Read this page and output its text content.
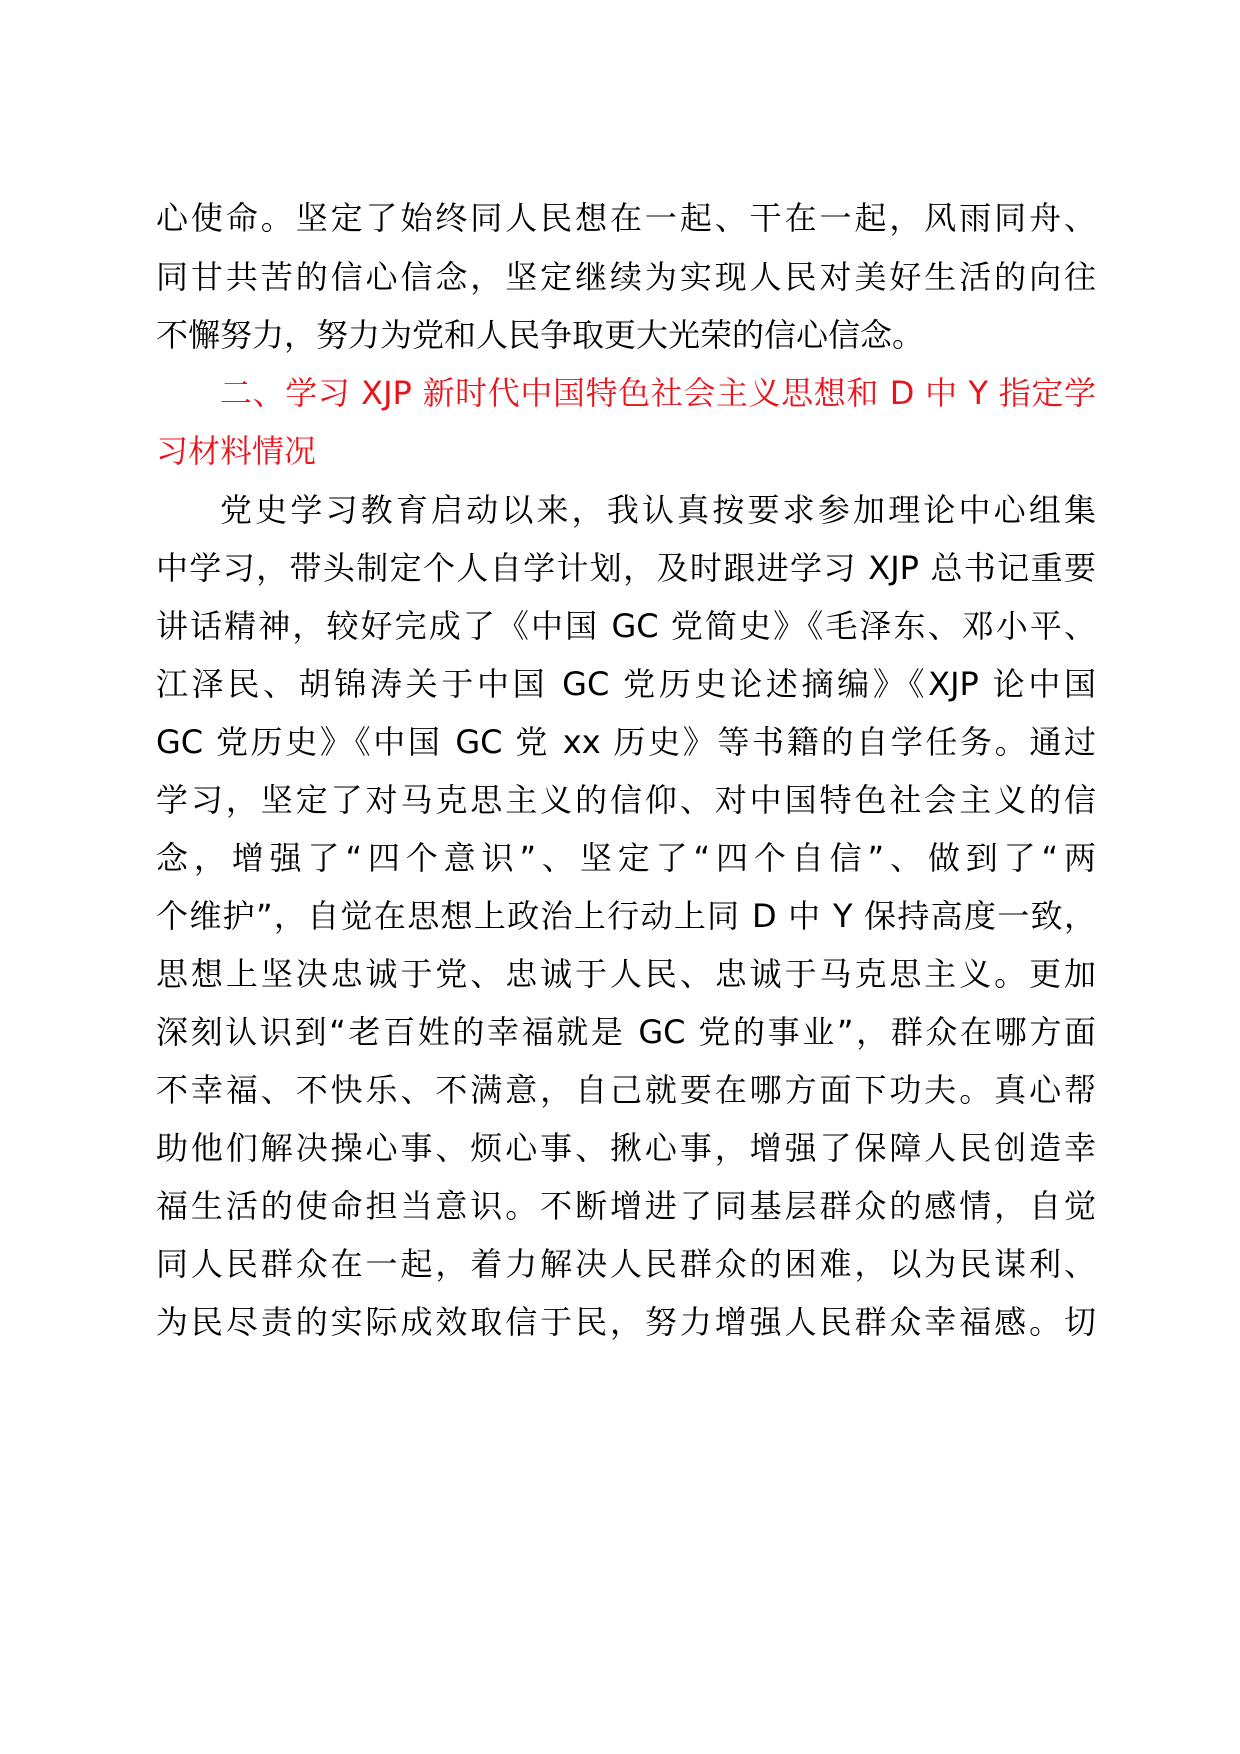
心使命。坚定了始终同人民想在一起、干在一起，风雨同舟、
同甘共苦的信心信念，坚定继续为实现人民对美好生活的向往
不懈努力，努力为党和人民争取更大光荣的信心信念。
二、学习 XJP 新时代中国特色社会主义思想和 D 中 Y 指定学
习材料情况
党史学习教育启动以来，我认真按要求参加理论中心组集
中学习，带头制定个人自学计划，及时跟进学习 XJP 总书记重要
讲话精神，较好完成了《中国 GC 党简史》《毛泽东、邓小平、
江泽民、胡锦涛关于中国 GC 党历史论述摘编》《XJP 论中国
GC 党历史》《中国 GC 党 xx 历史》等书籍的自学任务。通过
学习，坚定了对马克思主义的信仰、对中国特色社会主义的信
念，增强了“四个意识”、坚定了“四个自信”、做到了“两
个维护”，自觉在思想上政治上行动上同 D 中 Y 保持高度一致，
思想上坚决忠诚于党、忠诚于人民、忠诚于马克思主义。更加
深刻认识到“老百姓的幸福就是 GC 党的事业”，群众在哪方面
不幸福、不快乐、不满意，自己就要在哪方面下功夫。真心帮
助他们解决操心事、烦心事、揪心事，增强了保障人民创造幸
福生活的使命担当意识。不断增进了同基层群众的感情，自觉
同人民群众在一起，着力解决人民群众的困难，以为民谋利、
为民尽责的实际成效取信于民，努力增强人民群众幸福感。切
